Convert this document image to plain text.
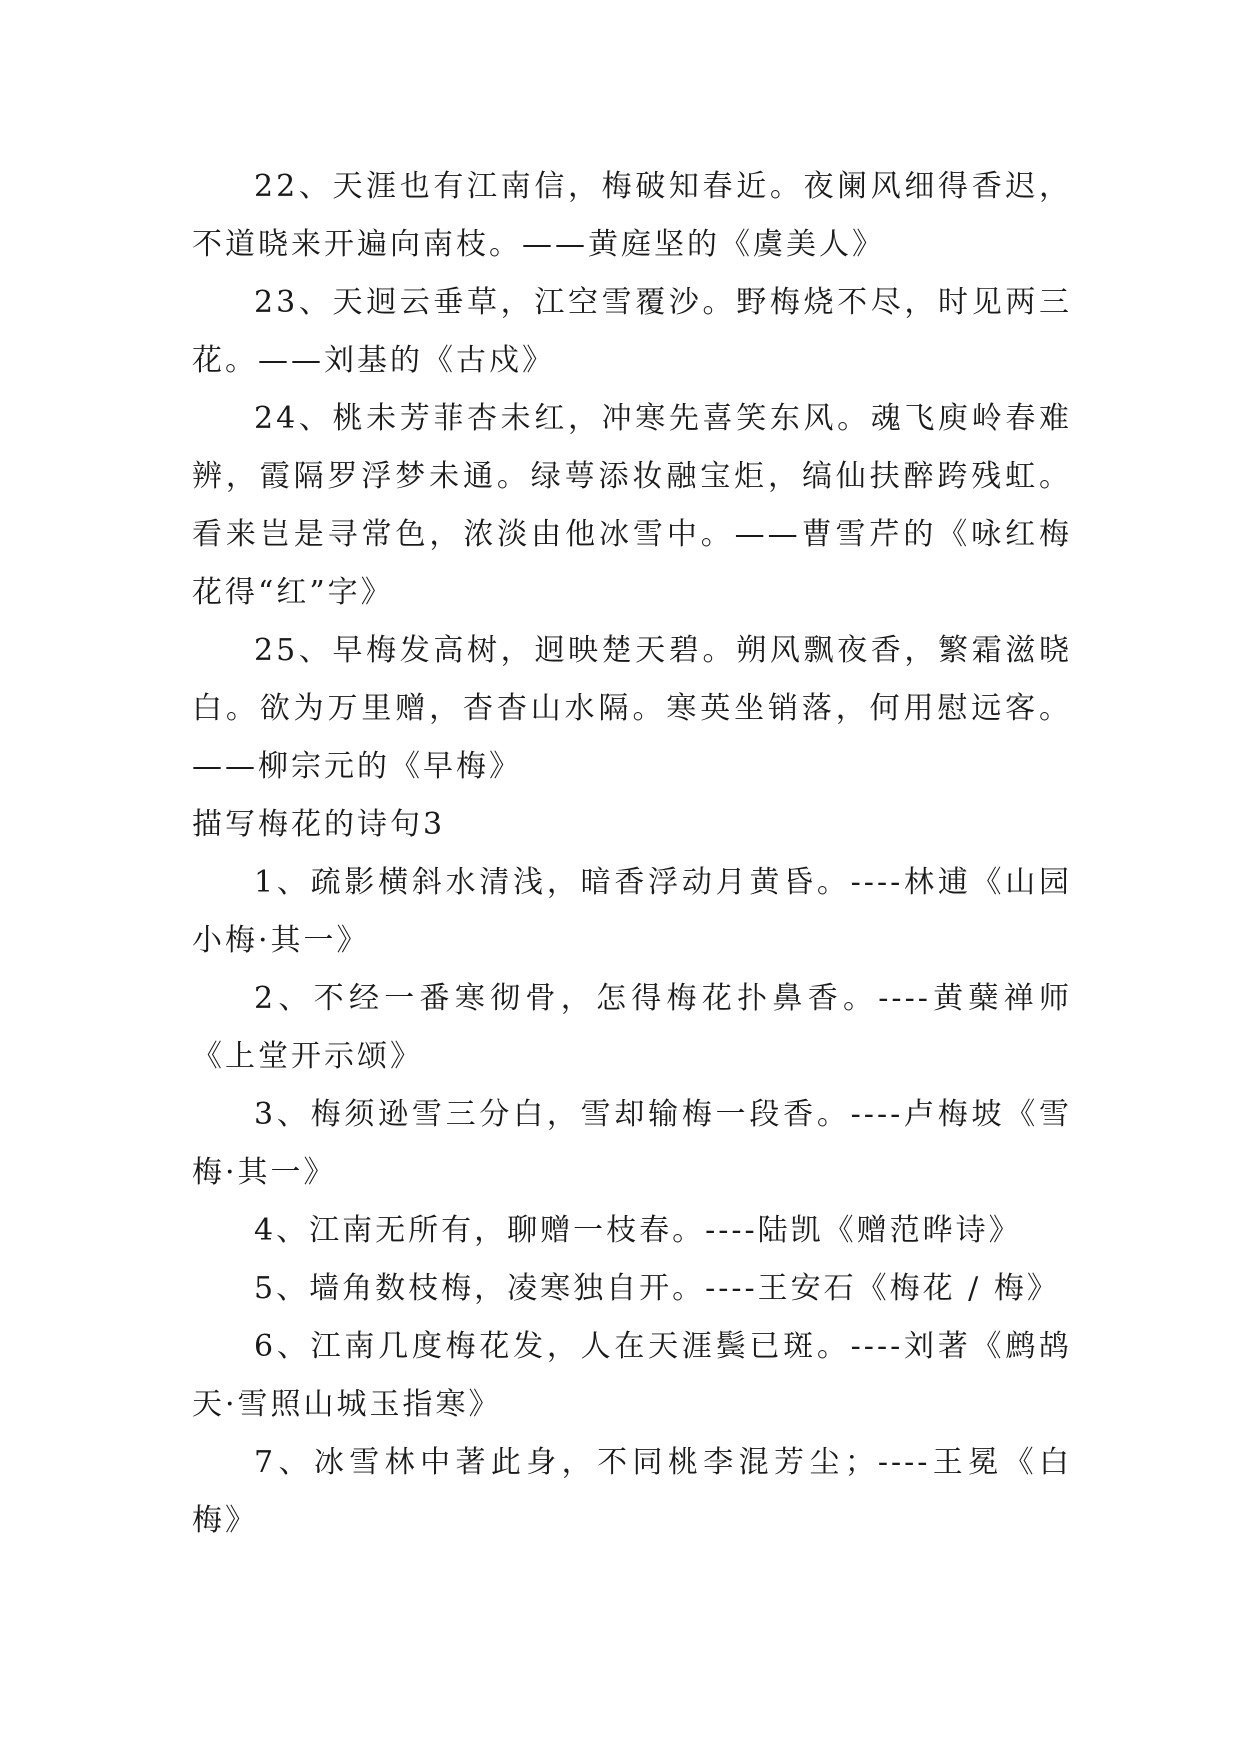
22、天涯也有江南信，梅破知春近。夜阑风细得香迟，不道晓来开遍向南枝。——黄庭坚的《虞美人》

23、天迥云垂草，江空雪覆沙。野梅烧不尽，时见两三花。——刘基的《古戍》

24、桃未芳菲杏未红，冲寒先喜笑东风。魂飞庾岭春难辨，霞隔罗浮梦未通。绿萼添妆融宝炬，缟仙扶醉跨残虹。看来岂是寻常色，浓淡由他冰雪中。——曹雪芹的《咏红梅花得“红”字》

25、早梅发高树，迥映楚天碧。朔风飘夜香，繁霜滋晓白。欲为万里赠，杳杳山水隔。寒英坐销落，何用慰远客。——柳宗元的《早梅》

描写梅花的诗句3

1、疏影横斜水清浅，暗香浮动月黄昏。----林逋《山园小梅·其一》

2、不经一番寒彻骨，怎得梅花扑鼻香。----黄蘖禅师《上堂开示颂》

3、梅须逊雪三分白，雪却输梅一段香。----卢梅坡《雪梅·其一》

4、江南无所有，聊赠一枝春。----陆凯《赠范晔诗》

5、墙角数枝梅，凌寒独自开。----王安石《梅花 / 梅》

6、江南几度梅花发，人在天涯鬓已斑。----刘著《鹧鸪天·雪照山城玉指寒》

7、冰雪林中著此身，不同桃李混芳尘；----王冕《白梅》
